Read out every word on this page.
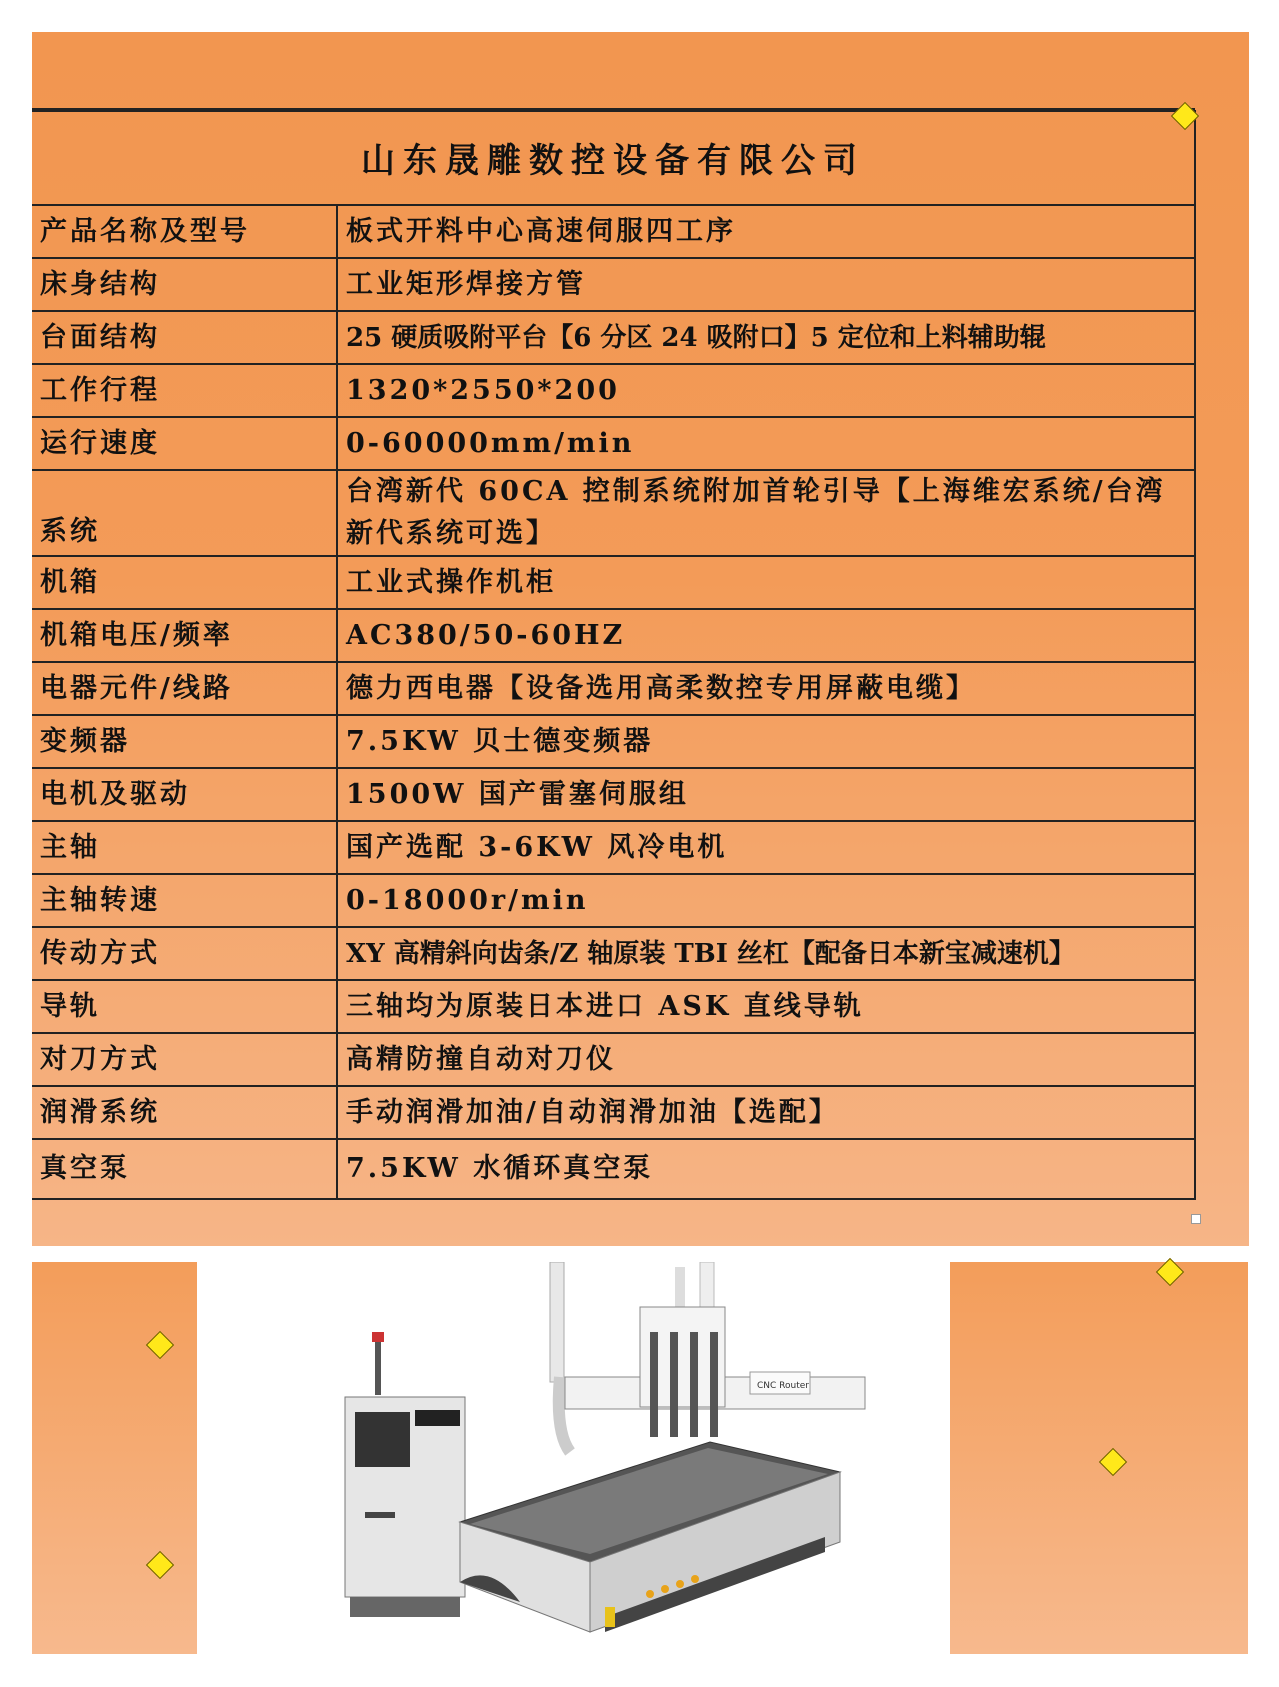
山东晟雕数控设备有限公司	
产品名称及型号	板式开料中心高速伺服四工序
床身结构	工业矩形焊接方管
台面结构	25 硬质吸附平台【6 分区 24 吸附口】5 定位和上料辅助辊
工作行程	1320*2550*200
运行速度	0-60000mm/min
系统	台湾新代 60CA 控制系统附加首轮引导【上海维宏系统/台湾新代系统可选】
机箱	工业式操作机柜
机箱电压/频率	AC380/50-60HZ
电器元件/线路	德力西电器【设备选用高柔数控专用屏蔽电缆】
变频器	7.5KW 贝士德变频器
电机及驱动	1500W 国产雷塞伺服组
主轴	国产选配 3-6KW 风冷电机
主轴转速	0-18000r/min
传动方式	XY 高精斜向齿条/Z 轴原装 TBI 丝杠【配备日本新宝减速机】
导轨	三轴均为原装日本进口 ASK 直线导轨
对刀方式	高精防撞自动对刀仪
润滑系统	手动润滑加油/自动润滑加油【选配】
真空泵	7.5KW 水循环真空泵
CNC Router
